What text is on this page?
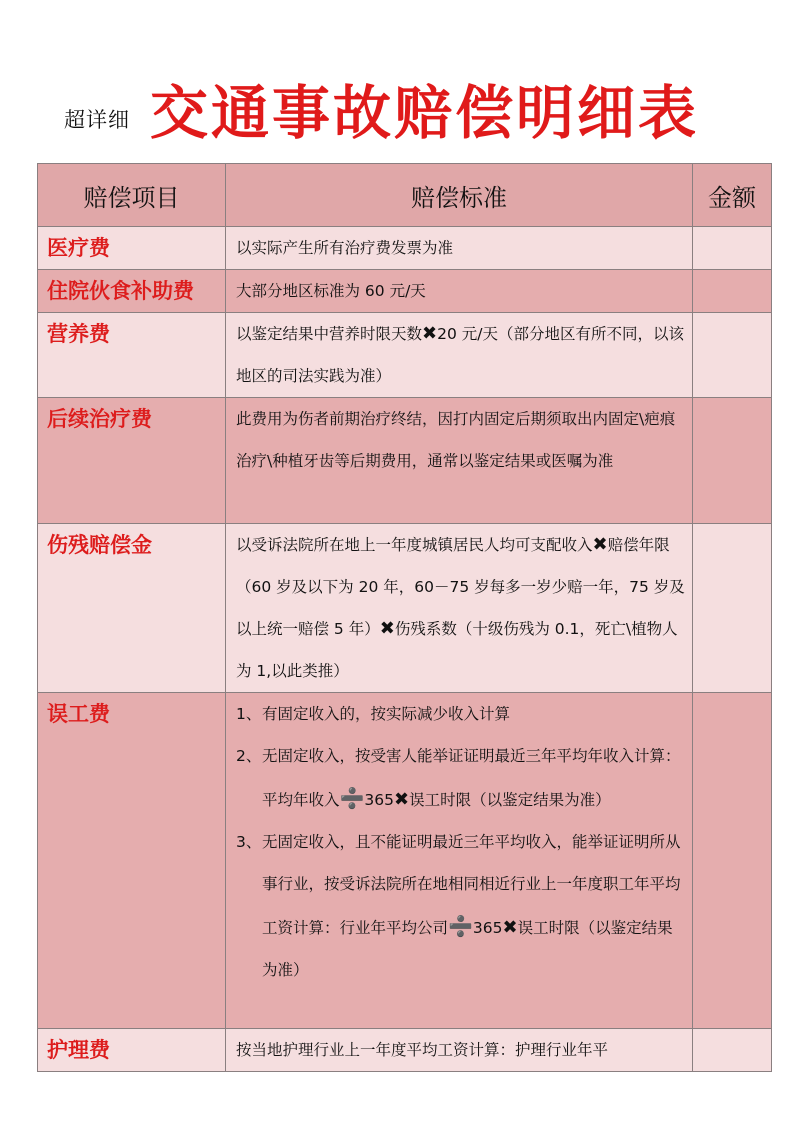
超详细 交通事故赔偿明细表
赔偿项目	赔偿标准	金额
医疗费	以实际产生所有治疗费发票为准	
住院伙食补助费	大部分地区标准为 60 元/天	
营养费	以鉴定结果中营养时限天数✖20 元/天（部分地区有所不同，以该地区的司法实践为准）	
后续治疗费	此费用为伤者前期治疗终结，因打内固定后期须取出内固定\疤痕治疗\种植牙齿等后期费用，通常以鉴定结果或医嘱为准	
伤残赔偿金	以受诉法院所在地上一年度城镇居民人均可支配收入✖赔偿年限（60 岁及以下为 20 年，60－75 岁每多一岁少赔一年，75 岁及以上统一赔偿 5 年）✖伤残系数（十级伤残为 0.1，死亡\植物人为 1,以此类推）	
误工费	1、有固定收入的，按实际减少收入计算
2、无固定收入，按受害人能举证证明最近三年平均年收入计算：平均年收入➗365✖误工时限（以鉴定结果为准）
3、无固定收入，且不能证明最近三年平均收入，能举证证明所从事行业，按受诉法院所在地相同相近行业上一年度职工年平均工资计算：行业年平均公司➗365✖误工时限（以鉴定结果为准）	

护理费	按当地护理行业上一年度平均工资计算：护理行业年平	
